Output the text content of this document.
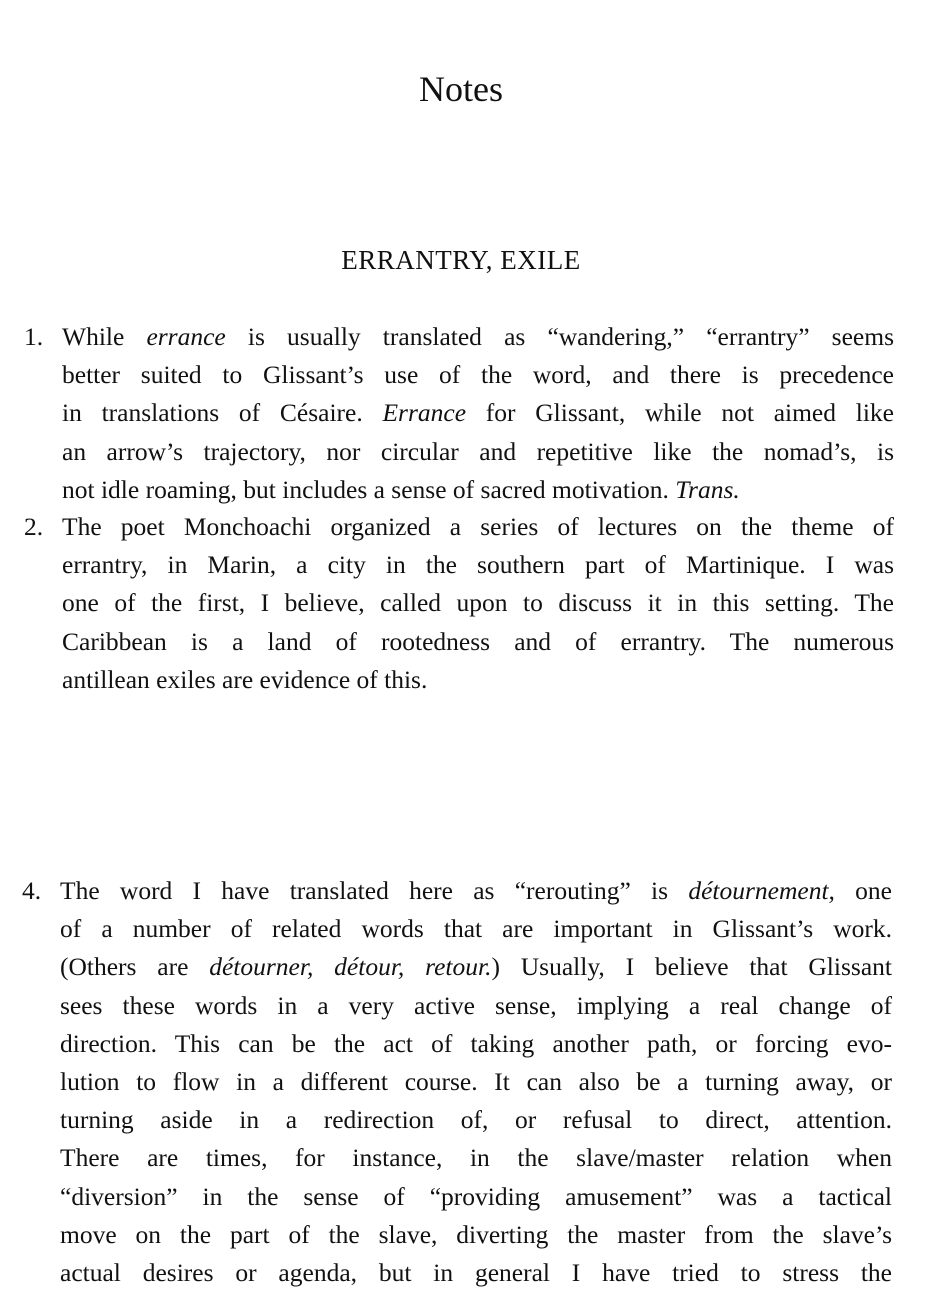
Notes
ERRANTRY, EXILE
1. While errance is usually translated as “wandering,” “errantry” seems
better suited to Glissant’s use of the word, and there is precedence
in translations of Césaire. Errance for Glissant, while not aimed like
an arrow’s trajectory, nor circular and repetitive like the nomad’s, is
not idle roaming, but includes a sense of sacred motivation. Trans.
2. The poet Monchoachi organized a series of lectures on the theme of
errantry, in Marin, a city in the southern part of Martinique. I was
one of the first, I believe, called upon to discuss it in this setting. The
Caribbean is a land of rootedness and of errantry. The numerous
antillean exiles are evidence of this.
4. The word I have translated here as “rerouting” is détournement, one
of a number of related words that are important in Glissant’s work.
(Others are détourner, détour, retour.) Usually, I believe that Glissant
sees these words in a very active sense, implying a real change of
direction. This can be the act of taking another path, or forcing evo-
lution to flow in a different course. It can also be a turning away, or
turning aside in a redirection of, or refusal to direct, attention.
There are times, for instance, in the slave/master relation when
“diversion” in the sense of “providing amusement” was a tactical
move on the part of the slave, diverting the master from the slave’s
actual desires or agenda, but in general I have tried to stress the
